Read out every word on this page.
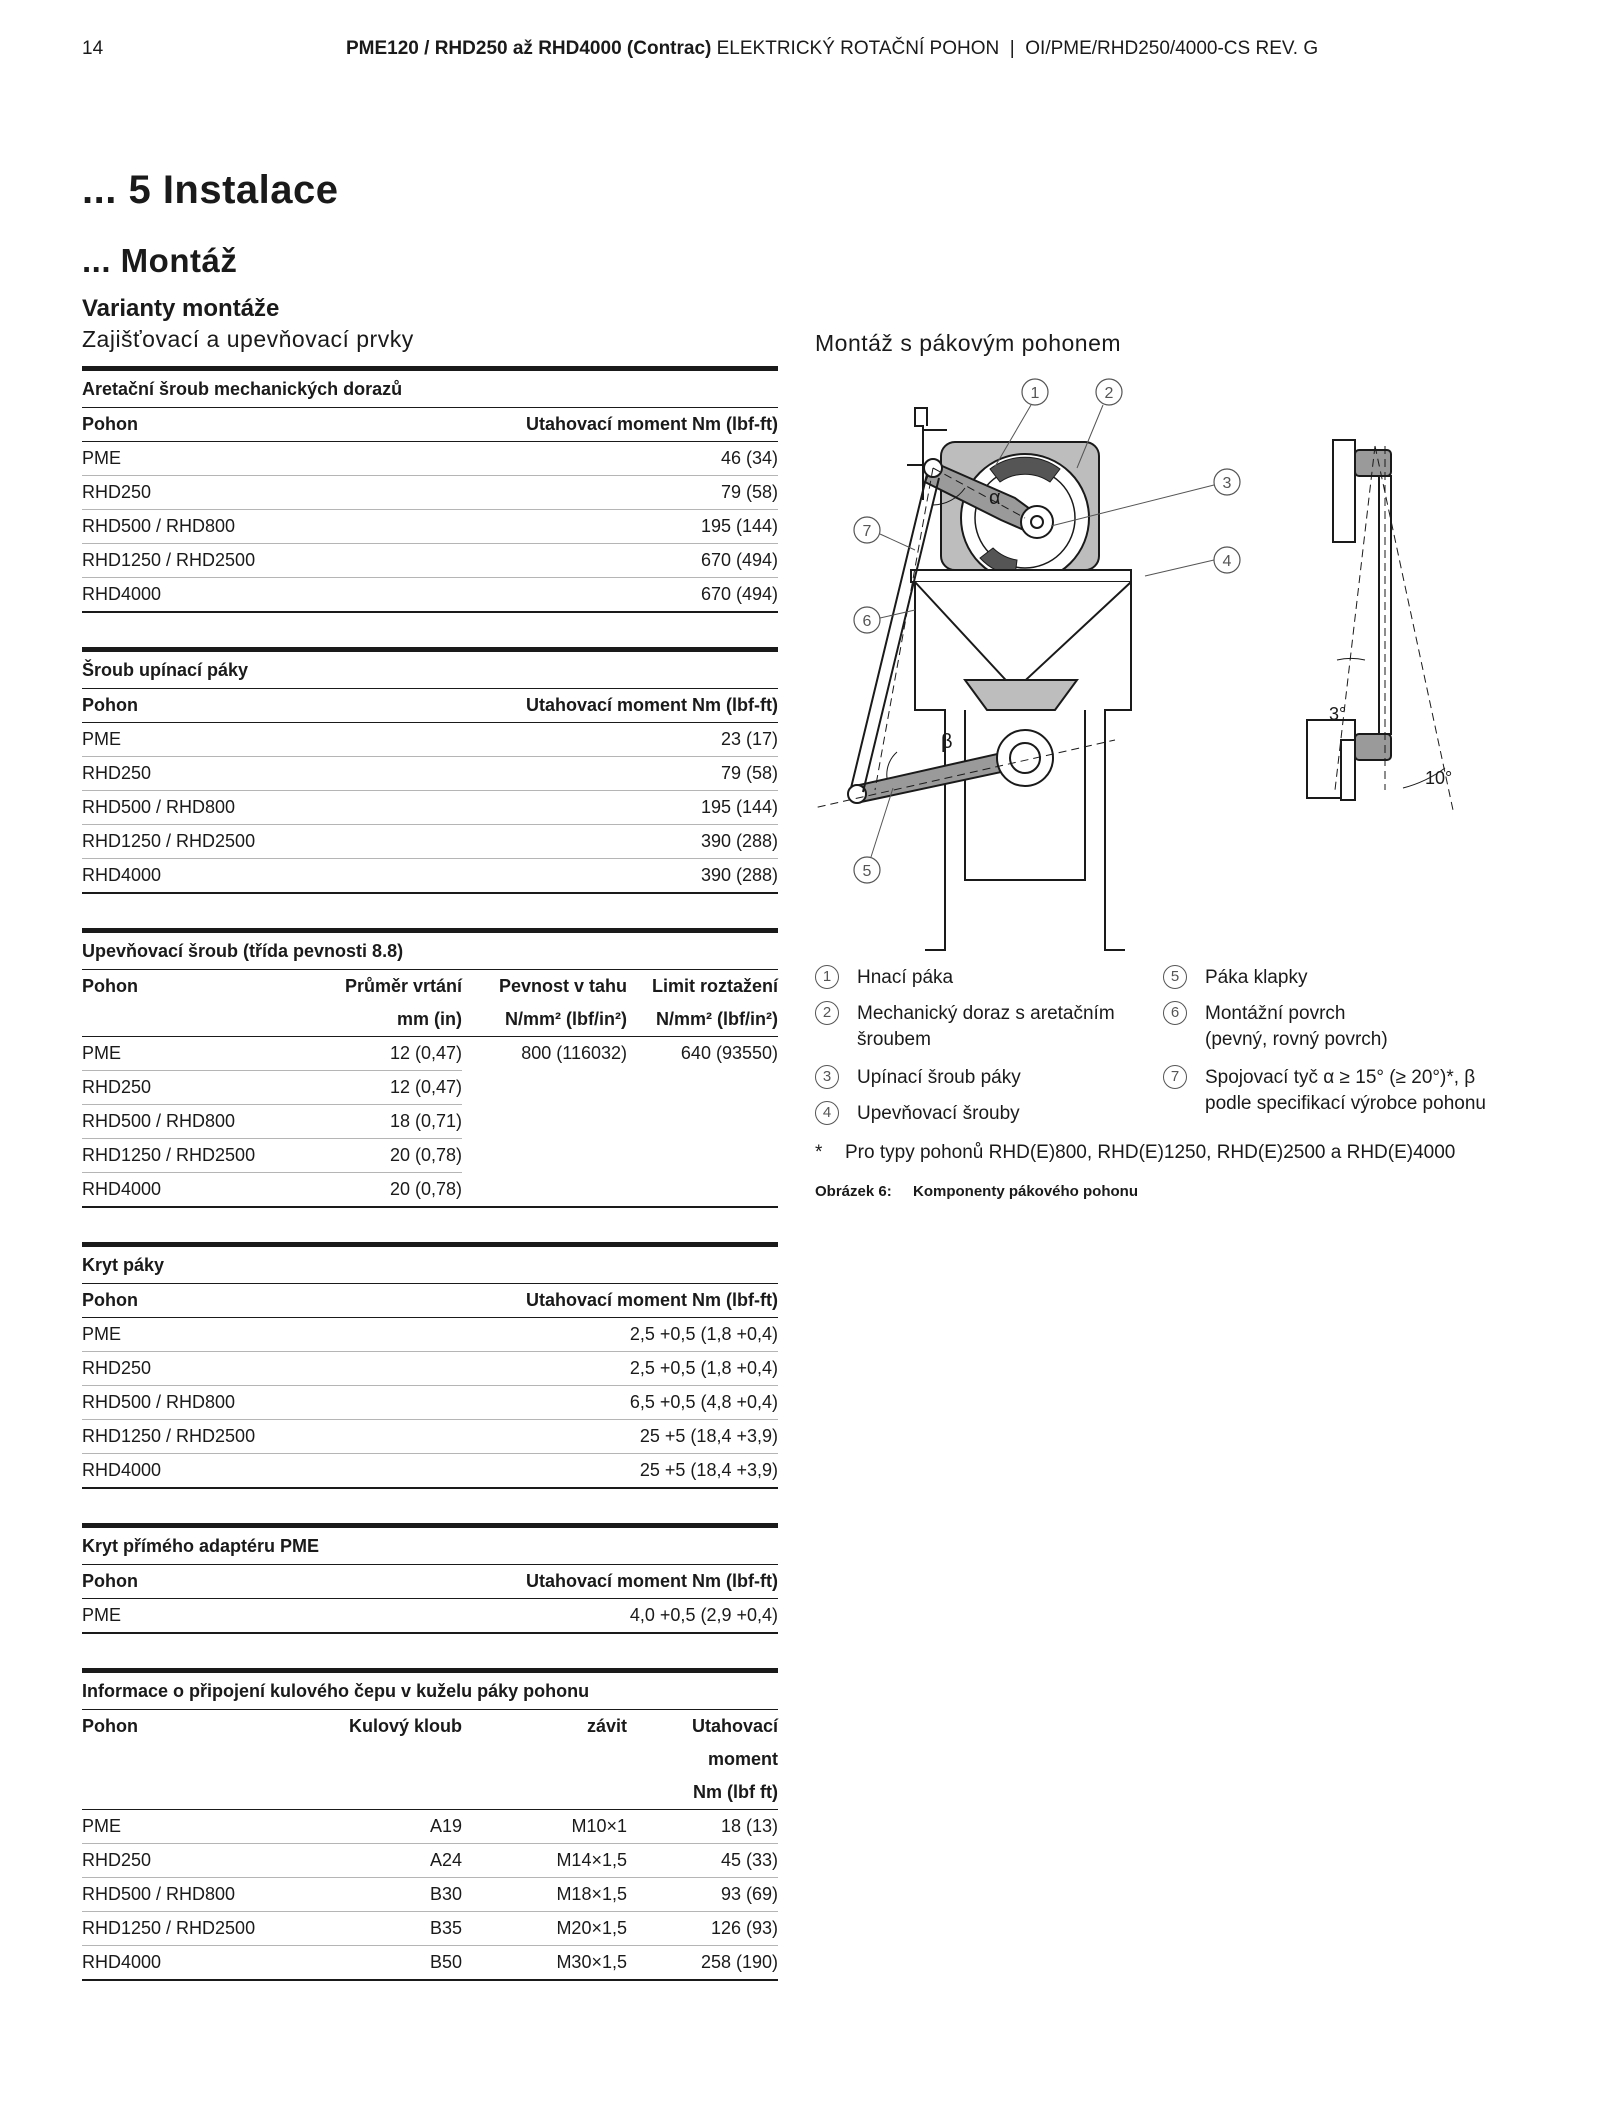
14	PME120 / RHD250 až RHD4000 (Contrac) ELEKTRICKÝ ROTAČNÍ POHON  |  OI/PME/RHD250/4000-CS REV. G
... 5 Instalace
... Montáž
Varianty montáže
Zajišťovací a upevňovací prvky
Aretační šroub mechanických dorazů	
Pohon	Utahovací moment Nm (lbf-ft)
PME	46 (34)
RHD250	79 (58)
RHD500 / RHD800	195 (144)
RHD1250 / RHD2500	670 (494)
RHD4000	670 (494)
Šroub upínací páky	
Pohon	Utahovací moment Nm (lbf-ft)
PME	23 (17)
RHD250	79 (58)
RHD500 / RHD800	195 (144)
RHD1250 / RHD2500	390 (288)
RHD4000	390 (288)
Upevňovací šroub (třída pevnosti 8.8)			
Pohon	Průměr vrtání	Pevnost v tahu	Limit roztažení
	mm (in)	N/mm² (lbf/in²)	N/mm² (lbf/in²)
PME	12 (0,47)	800 (116032)	640 (93550)
RHD250	12 (0,47)		
RHD500 / RHD800	18 (0,71)		
RHD1250 / RHD2500	20 (0,78)		
RHD4000	20 (0,78)		
Kryt páky	
Pohon	Utahovací moment Nm (lbf-ft)
PME	2,5 +0,5 (1,8 +0,4)
RHD250	2,5 +0,5 (1,8 +0,4)
RHD500 / RHD800	6,5 +0,5 (4,8 +0,4)
RHD1250 / RHD2500	25 +5 (18,4 +3,9)
RHD4000	25 +5 (18,4 +3,9)
Kryt přímého adaptéru PME	
Pohon	Utahovací moment Nm (lbf-ft)
PME	4,0 +0,5 (2,9 +0,4)
Informace o připojení kulového čepu v kuželu páky pohonu			
Pohon	Kulový kloub	závit	Utahovací
			moment
			Nm (lbf ft)
PME	A19	M10×1	18 (13)
RHD250	A24	M14×1,5	45 (33)
RHD500 / RHD800	B30	M18×1,5	93 (69)
RHD1250 / RHD2500	B35	M20×1,5	126 (93)
RHD4000	B50	M30×1,5	258 (190)
Montáž s pákovým pohonem
α
β
3°
10°
1	2
3
4
5
6
7
1	Hnací páka
2	Mechanický doraz s aretačním
šroubem
3	Upínací šroub páky
4	Upevňovací šrouby
5	Páka klapky
6	Montážní povrch
(pevný, rovný povrch)
7	Spojovací tyč α ≥ 15° (≥ 20°)*, β
podle specifikací výrobce pohonu
* Pro typy pohonů RHD(E)800, RHD(E)1250, RHD(E)2500 a RHD(E)4000
Obrázek 6: Komponenty pákového pohonu
